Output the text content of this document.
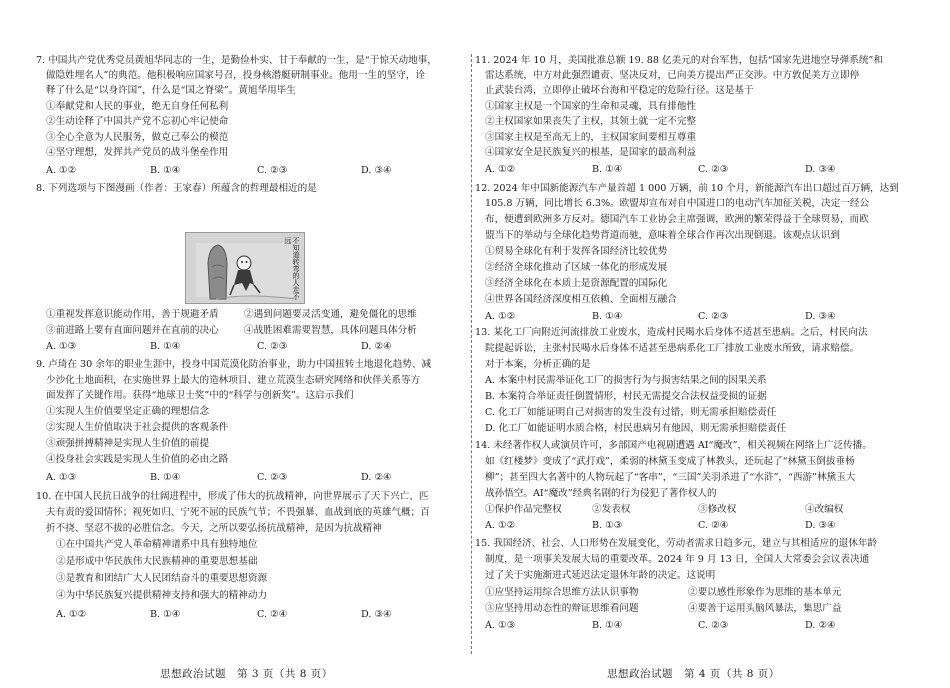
7. 中国共产党优秀党员黄旭华同志的一生，是勤俭朴实、甘于奉献的一生，是“于惊天动地事，
做隐姓埋名人”的典范。他积极响应国家号召，投身核潜艇研制事业。他用一生的坚守，诠
释了什么是“以身许国”，什么是“国之脊梁”。黄旭华用毕生
①奉献党和人民的事业，绝无自身任何私利
②生动诠释了中国共产党不忘初心牢记使命
③全心全意为人民服务，做克己奉公的模范
④坚守理想，发挥共产党员的战斗堡垒作用
A. ①②	B. ①④	C. ②③	D. ③④
8. 下列选项与下图漫画（作者：王家春）所蕴含的哲理最相近的是
不知道转弯的人走不远
①重视发挥意识能动作用，善于规避矛盾	②遇到问题要灵活变通，避免僵化的思维
③前进路上要有直面问题并在直前的决心	④战胜困难需要智慧，具体问题具体分析
A. ①③	B. ①④	C. ②③	D. ②④
9. 卢琦在 30 余年的职业生涯中，投身中国荒漠化防治事业，助力中国扭转土地退化趋势、减
少沙化土地面积，在实施世界上最大的造林项目、建立荒漠生态研究网络和伙伴关系等方
面发挥了关键作用。获得“地球卫士奖”中的“科学与创新奖”。这启示我们
①实现人生价值要坚定正确的理想信念
②实现人生价值取决于社会提供的客观条件
③顽强拼搏精神是实现人生价值的前提
④投身社会实践是实现人生价值的必由之路
A. ①③	B. ①④	C. ②③	D. ②④
10. 在中国人民抗日战争的壮阔进程中，形成了伟大的抗战精神，向世界展示了天下兴亡、匹
夫有责的爱国情怀；视死如归、宁死不屈的民族气节；不畏强暴、血战到底的英雄气概；百
折不挠、坚忍不拔的必胜信念。今天，之所以要弘扬抗战精神，是因为抗战精神
①在中国共产党人革命精神谱系中具有独特地位
②是形成中华民族伟大民族精神的重要思想基础
③是教育和团结广大人民团结奋斗的重要思想资源
④为中华民族复兴提供精神支持和强大的精神动力
A. ①②	B. ①④	C. ②④	D. ③④
思想政治试题　第 3 页（共 8 页）
11. 2024 年 10 月，美国批准总额 19. 88 亿美元的对台军售，包括“国家先进地空导弹系统”和
雷达系统，中方对此强烈谴责、坚决反对，已向美方提出严正交涉。中方敦促美方立即停
止武装台湾，立即停止破坏台海和平稳定的危险行径。这是基于
①国家主权是一个国家的生命和灵魂，具有排他性
②主权国家如果丧失了主权，其领土就一定不完整
③国家主权是至高无上的，主权国家间要相互尊重
④国家安全是民族复兴的根基，是国家的最高利益
A. ①②	B. ①④	C. ②③	D. ③④
12. 2024 年中国新能源汽车产量首超 1 000 万辆，前 10 个月，新能源汽车出口超过百万辆，达到
105.8 万辆，同比增长 6.3%。欧盟却宣布对自中国进口的电动汽车加征关税，决定一经公
布，便遭到欧洲多方反对。德国汽车工业协会主席强调，欧洲的繁荣得益于全球贸易，而欧
盟当下的举动与全球化趋势背道而驰，意味着全球合作再次出现倒退。该观点认识到
①贸易全球化有利于发挥各国经济比较优势
②经济全球化推动了区域一体化的形成发展
③经济全球化在本质上是资源配置的国际化
④世界各国经济深度相互依赖、全面相互融合
A. ①②	B. ①④	C. ②③	D. ③④
13. 某化工厂向附近河流排放工业废水，造成村民喝水后身体不适甚至患病。之后，村民向法
院提起诉讼，主张村民喝水后身体不适甚至患病系化工厂排放工业废水所致，请求赔偿。
对于本案，分析正确的是
A. 本案中村民需举证化工厂的损害行为与损害结果之间的因果关系
B. 本案符合举证责任倒置情形，村民无需提交合法权益受损的证据
C. 化工厂如能证明自己对损害的发生没有过错，则无需承担赔偿责任
D. 化工厂如能证明水质合格，村民患病另有他因，则无需承担赔偿责任
14. 未经著作权人或演员许可，多部国产电视剧遭遇 AI“魔改”，相关视频在网络上广泛传播。
如《红楼梦》变成了“武打戏”，柔弱的林黛玉变成了林教头，还玩起了“林黛玉倒拔垂杨
柳”；甚至四大名著中的人物玩起了“客串”，“三国”关羽杀进了“水浒”，“西游”林黛玉大
战孙悟空。AI“魔改”经典名剧的行为侵犯了著作权人的
①保护作品完整权	②发表权	③修改权	④改编权
A. ①②	B. ①③	C. ②④	D. ③④
15. 我国经济、社会、人口形势在发展变化，劳动者需求日趋多元，建立与其相适应的退休年龄
制度，是一项事关发展大局的重要改革。2024 年 9 月 13 日，全国人大常委会会议表决通
过了关于实施渐进式延迟法定退休年龄的决定。这说明
①应坚持运用综合思维方法认识事物	②要以感性形象作为思维的基本单元
③应坚持用动态性的辩证思维看问题	④要善于运用头脑风暴法，集思广益
A. ①③	B. ①④	C. ②③	D. ②④
思想政治试题　第 4 页（共 8 页）
